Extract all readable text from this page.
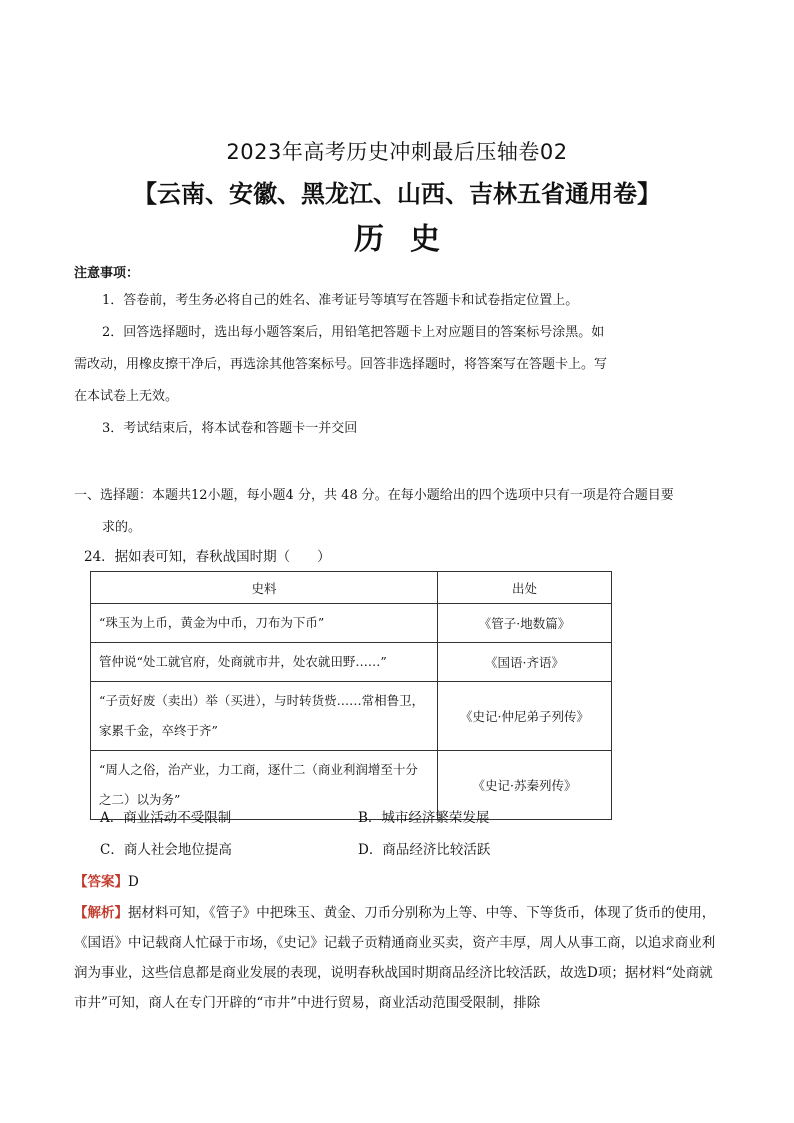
2023年高考历史冲刺最后压轴卷02
【云南、安徽、黑龙江、山西、吉林五省通用卷】
历史
注意事项：
1．答卷前，考生务必将自己的姓名、准考证号等填写在答题卡和试卷指定位置上。
2．回答选择题时，选出每小题答案后，用铅笔把答题卡上对应题目的答案标号涂黑。如
需改动，用橡皮擦干净后，再选涂其他答案标号。回答非选择题时，将答案写在答题卡上。写
在本试卷上无效。
3．考试结束后，将本试卷和答题卡一并交回
一、选择题：本题共12小题，每小题4 分，共 48 分。在每小题给出的四个选项中只有一项是符合题目要
求的。
24．据如表可知，春秋战国时期（　　）
史料	出处
“珠玉为上币，黄金为中币，刀布为下币”	《管子·地数篇》
管仲说“处工就官府，处商就市井，处农就田野……”	《国语·齐语》
“子贡好废（卖出）举（买进），与时转货赀……常相鲁卫，家累千金，卒终于齐”	《史记·仲尼弟子列传》
“周人之俗，治产业，力工商，逐什二（商业利润增至十分之二）以为务”	《史记·苏秦列传》
A．商业活动不受限制	B．城市经济繁荣发展
C．商人社会地位提高	D．商品经济比较活跃
【答案】D
【解析】据材料可知，《管子》中把珠玉、黄金、刀币分别称为上等、中等、下等货币，体现了货币的使用，《国语》中记载商人忙碌于市场，《史记》记载子贡精通商业买卖，资产丰厚，周人从事工商，以追求商业利润为事业，这些信息都是商业发展的表现，说明春秋战国时期商品经济比较活跃，故选D项；据材料“处商就市井”可知，商人在专门开辟的“市井”中进行贸易，商业活动范围受限制，排除
